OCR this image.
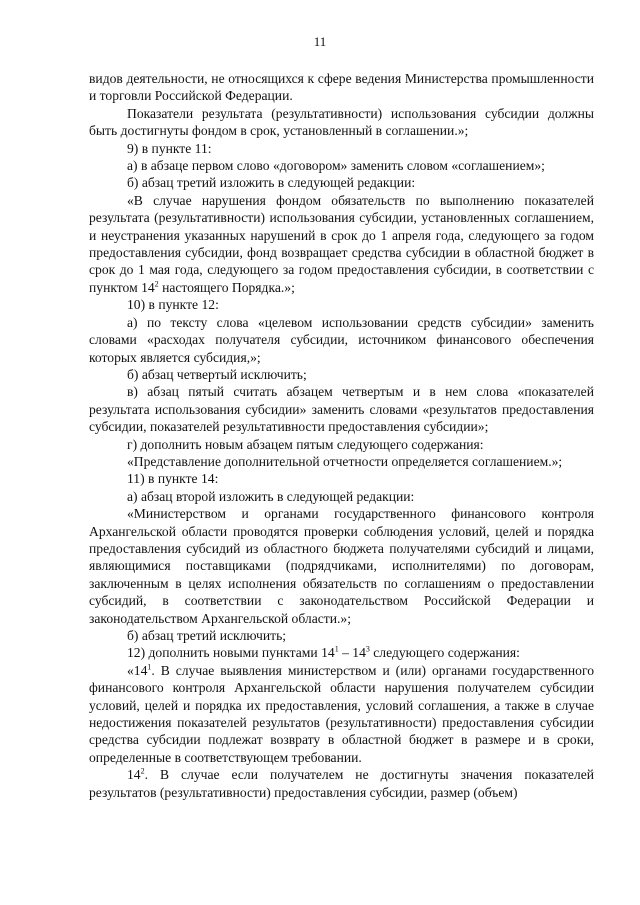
11

видов деятельности, не относящихся к сфере ведения Министерства промышленности и торговли Российской Федерации.

Показатели результата (результативности) использования субсидии должны быть достигнуты фондом в срок, установленный в соглашении.»;

9) в пункте 11:

а) в абзаце первом слово «договором» заменить словом «соглашением»;

б) абзац третий изложить в следующей редакции:

«В случае нарушения фондом обязательств по выполнению показателей результата (результативности) использования субсидии, установленных соглашением, и неустранения указанных нарушений в срок до 1 апреля года, следующего за годом предоставления субсидии, фонд возвращает средства субсидии в областной бюджет в срок до 1 мая года, следующего за годом предоставления субсидии, в соответствии с пунктом $14^2$ настоящего Порядка.»;

10) в пункте 12:

а) по тексту слова «целевом использовании средств субсидии» заменить словами «расходах получателя субсидии, источником финансового обеспечения которых является субсидия,»;

б) абзац четвертый исключить;

в) абзац пятый считать абзацем четвертым и в нем слова «показателей результата использования субсидии» заменить словами «результатов предоставления субсидии, показателей результативности предоставления субсидии»;

г) дополнить новым абзацем пятым следующего содержания:

«Представление дополнительной отчетности определяется соглашением.»;

11) в пункте 14:

а) абзац второй изложить в следующей редакции:

«Министерством и органами государственного финансового контроля Архангельской области проводятся проверки соблюдения условий, целей и порядка предоставления субсидий из областного бюджета получателями субсидий и лицами, являющимися поставщиками (подрядчиками, исполнителями) по договорам, заключенным в целях исполнения обязательств по соглашениям о предоставлении субсидий, в соответствии с законодательством Российской Федерации и законодательством Архангельской области.»;

б) абзац третий исключить;

12) дополнить новыми пунктами $14^1 - 14^3$ следующего содержания:

«$14^1$. В случае выявления министерством и (или) органами государственного финансового контроля Архангельской области нарушения получателем субсидии условий, целей и порядка их предоставления, условий соглашения, а также в случае недостижения показателей результатов (результативности) предоставления субсидии средства субсидии подлежат возврату в областной бюджет в размере и в сроки, определенные в соответствующем требовании.

$14^2$. В случае если получателем не достигнуты значения показателей результатов (результативности) предоставления субсидии, размер (объем)
